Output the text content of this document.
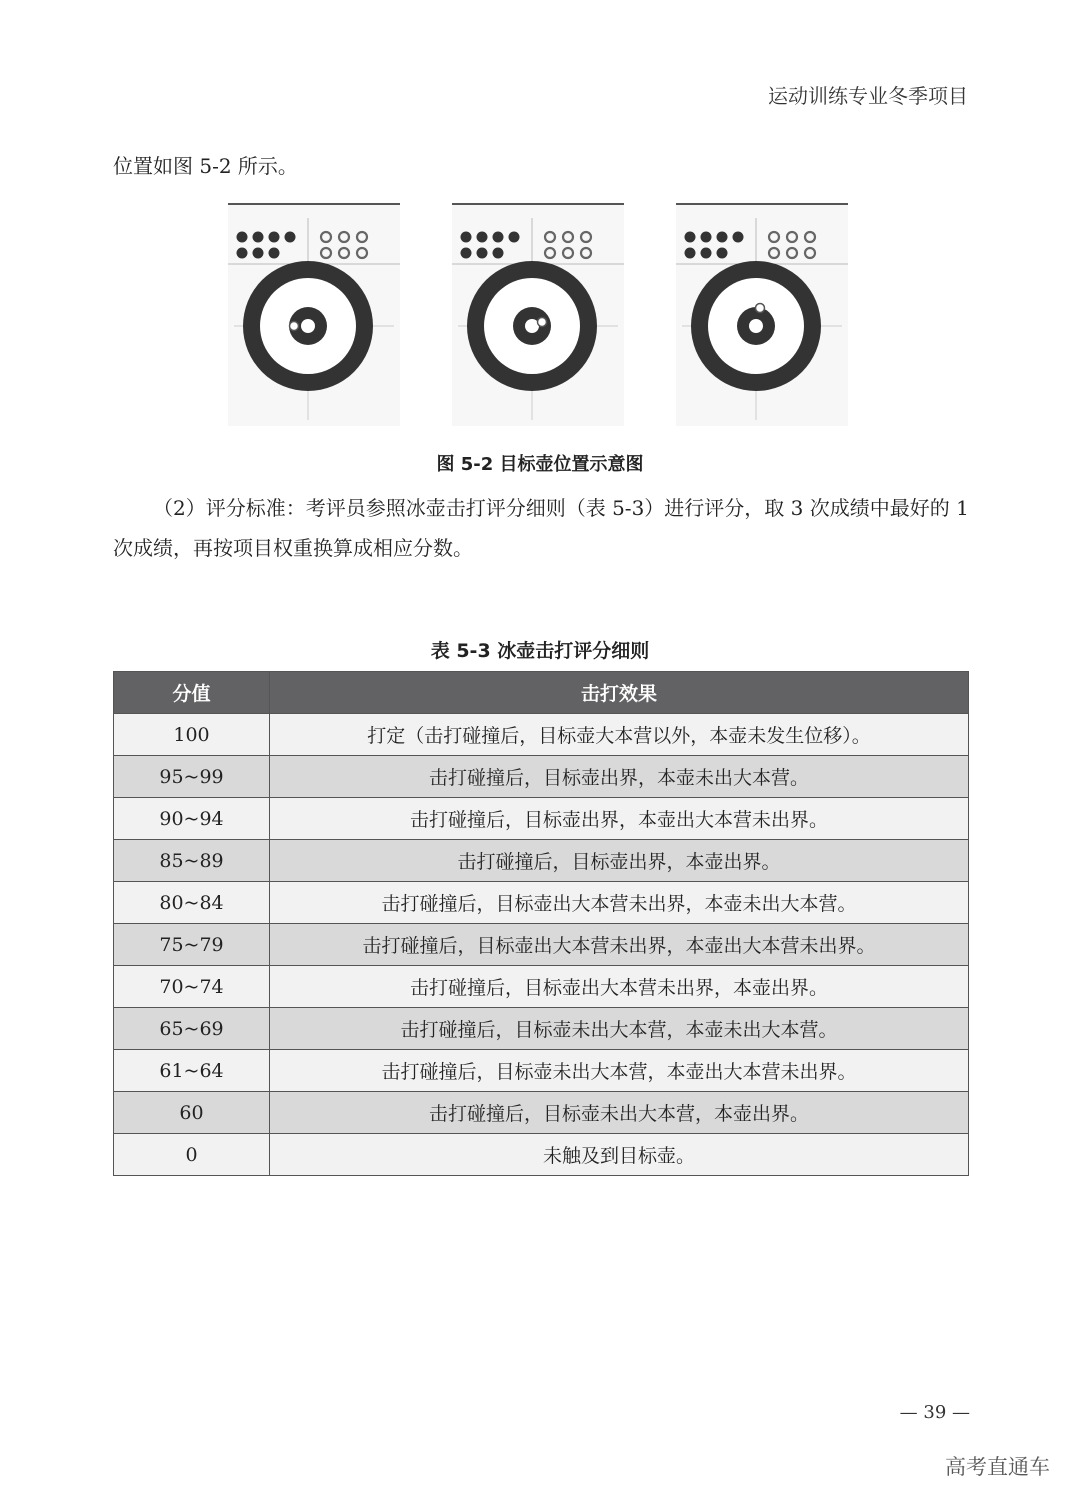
运动训练专业冬季项目
位置如图 5-2 所示。
图 5-2 目标壶位置示意图
（2）评分标准：考评员参照冰壶击打评分细则（表 5-3）进行评分，取 3 次成绩中最好的 1 次成绩，再按项目权重换算成相应分数。
表 5-3 冰壶击打评分细则
分值	击打效果
100	打定（击打碰撞后，目标壶大本营以外，本壶未发生位移）。
95~99	击打碰撞后，目标壶出界，本壶未出大本营。
90~94	击打碰撞后，目标壶出界，本壶出大本营未出界。
85~89	击打碰撞后，目标壶出界，本壶出界。
80~84	击打碰撞后，目标壶出大本营未出界，本壶未出大本营。
75~79	击打碰撞后，目标壶出大本营未出界，本壶出大本营未出界。
70~74	击打碰撞后，目标壶出大本营未出界，本壶出界。
65~69	击打碰撞后，目标壶未出大本营，本壶未出大本营。
61~64	击打碰撞后，目标壶未出大本营，本壶出大本营未出界。
60	击打碰撞后，目标壶未出大本营，本壶出界。
0	未触及到目标壶。
— 39 —
高考直通车
